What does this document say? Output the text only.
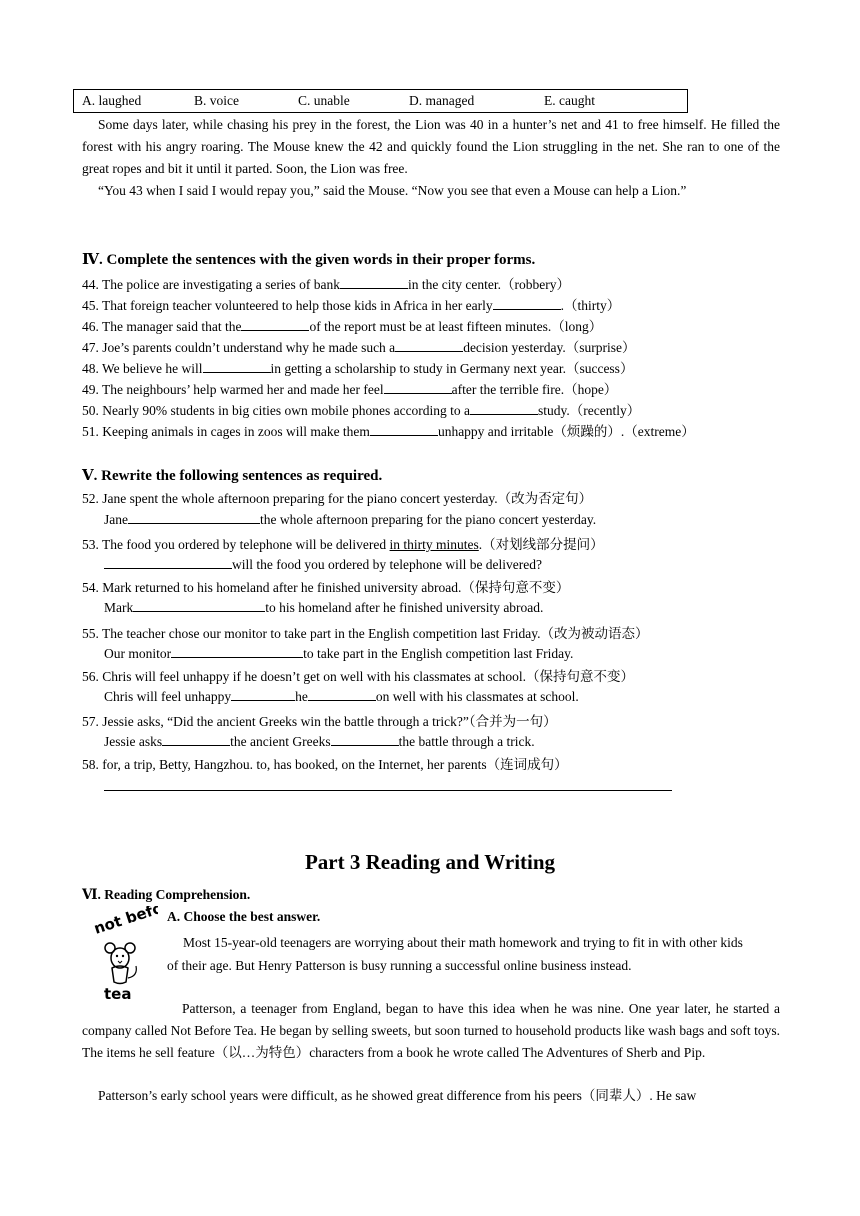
A. laughed	B. voice	C. unable	D. managed	E. caught

Some days later, while chasing his prey in the forest, the Lion was 40 in a hunter’s net and 41 to free himself. He filled the forest with his angry roaring. The Mouse knew the 42 and quickly found the Lion struggling in the net. She ran to one of the great ropes and bit it until it parted. Soon, the Lion was free.

“You 43 when I said I would repay you,” said the Mouse. “Now you see that even a Mouse can help a Lion.”

Ⅳ. Complete the sentences with the given words in their proper forms.
44. The police are investigating a series of bank	in the city center.（robbery）
45. That foreign teacher volunteered to help those kids in Africa in her early	.（thirty）
46. The manager said that the	of the report must be at least fifteen minutes.（long）
47. Joe’s parents couldn’t understand why he made such a	decision yesterday.（surprise）
48. We believe he will	in getting a scholarship to study in Germany next year.（success）
49. The neighbours’ help warmed her and made her feel	after the terrible fire.（hope）
50. Nearly 90% students in big cities own mobile phones according to a	study.（recently）
51. Keeping animals in cages in zoos will make them	unhappy and irritable（烦躁的）.（extreme）
Ⅴ. Rewrite the following sentences as required.
52. Jane spent the whole afternoon preparing for the piano concert yesterday.（改为否定句）
Jane	the whole afternoon preparing for the piano concert yesterday.
53. The food you ordered by telephone will be delivered in thirty minutes.（对划线部分提问）
will the food you ordered by telephone will be delivered?
54. Mark returned to his homeland after he finished university abroad.（保持句意不变）
Mark	to his homeland after he finished university abroad.
55. The teacher chose our monitor to take part in the English competition last Friday.（改为被动语态）
Our monitor	to take part in the English competition last Friday.
56. Chris will feel unhappy if he doesn’t get on well with his classmates at school.（保持句意不变）
Chris will feel unhappy	he	on well with his classmates at school.
57. Jessie asks, “Did the ancient Greeks win the battle through a trick?”（合并为一句）
Jessie asks	the ancient Greeks	the battle through a trick.
58. for, a trip, Betty, Hangzhou. to, has booked, on the Internet, her parents（连词成句）
Part 3 Reading and Writing
Ⅵ. Reading Comprehension.
not before
tea
A. Choose the best answer.
Most 15-year-old teenagers are worrying about their math homework and trying to fit in with other kids of their age. But Henry Patterson is busy running a successful online business instead.

Patterson, a teenager from England, began to have this idea when he was nine. One year later, he started a company called Not Before Tea. He began by selling sweets, but soon turned to household products like wash bags and soft toys. The items he sell feature（以…为特色）characters from a book he wrote called The Adventures of Sherb and Pip.

Patterson’s early school years were difficult, as he showed great difference from his peers（同辈人）. He saw
